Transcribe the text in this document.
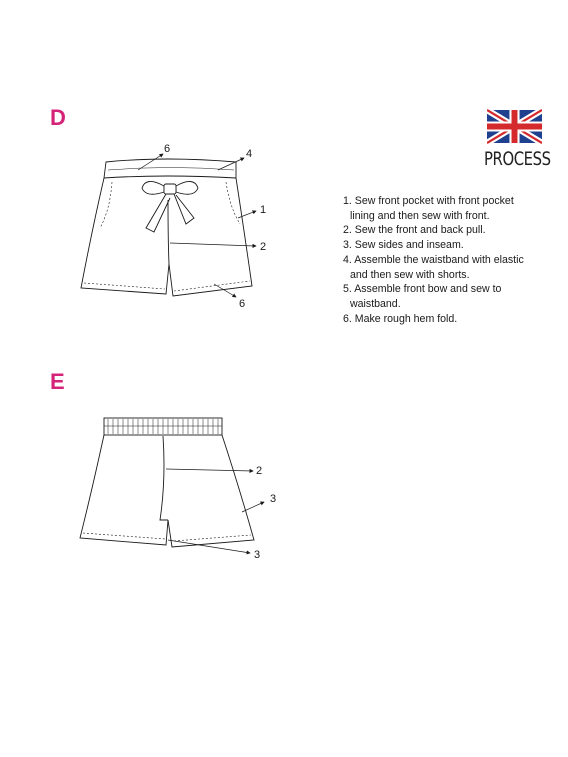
D
E
PROCESS
1. Sew front pocket with front pocket
lining and then sew with front.
2. Sew the front and back pull.
3. Sew sides and inseam.
4. Assemble the waistband with elastic
and then sew with shorts.
5. Assemble front bow and sew to
waistband.
6. Make rough hem fold.
6	4
1
2
6
2
3
3
